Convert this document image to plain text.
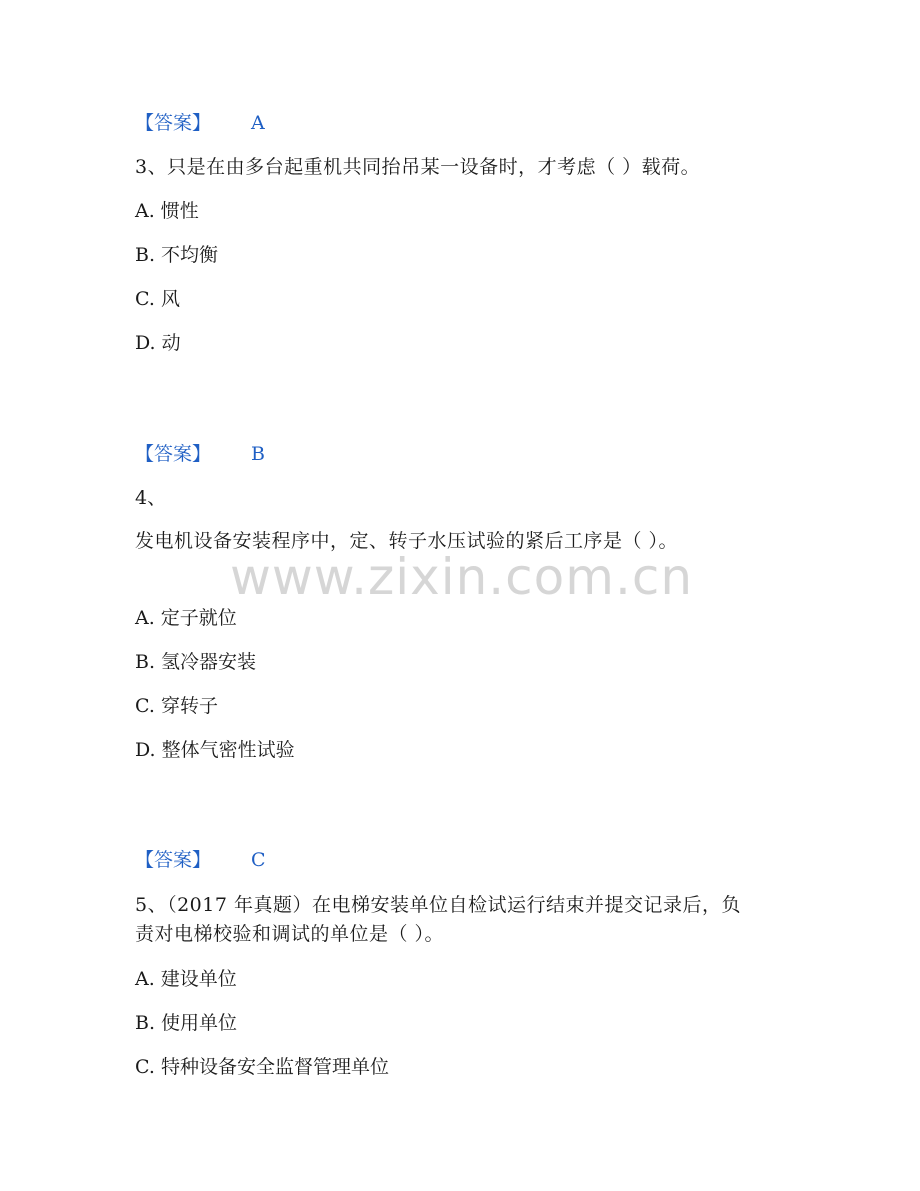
www.zixin.com.cn
【答案】 A
3、只是在由多台起重机共同抬吊某一设备时，才考虑（ ）载荷。
A. 惯性
B. 不均衡
C. 风
D. 动
【答案】 B
4、
发电机设备安装程序中，定、转子水压试验的紧后工序是（ ）。
A. 定子就位
B. 氢冷器安装
C. 穿转子
D. 整体气密性试验
【答案】 C
5、（2017 年真题）在电梯安装单位自检试运行结束并提交记录后，负
责对电梯校验和调试的单位是（ ）。
A. 建设单位
B. 使用单位
C. 特种设备安全监督管理单位
